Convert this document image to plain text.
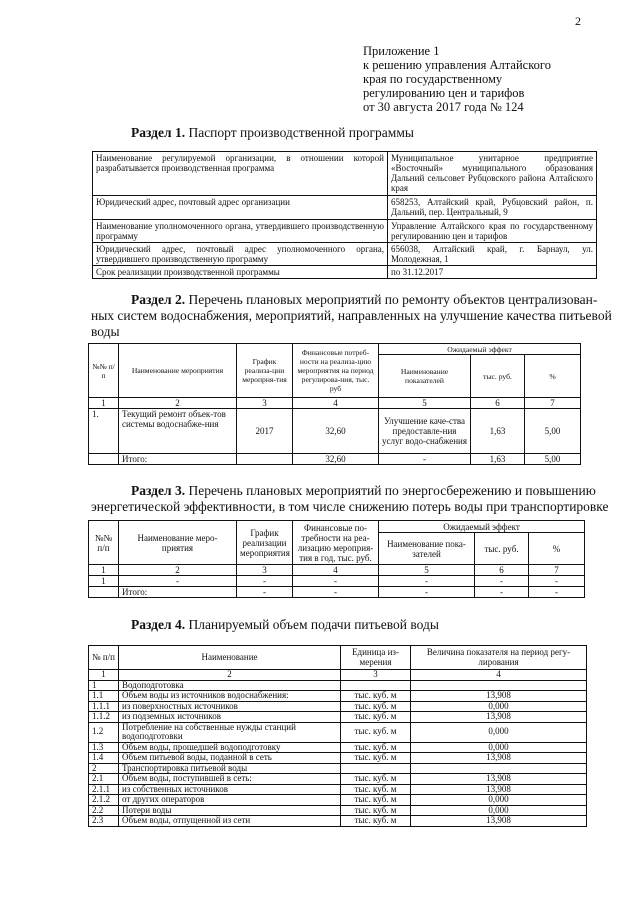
2
Приложение 1
к решению управления Алтайского
края по государственному
регулированию цен и тарифов
от 30 августа 2017 года № 124
Раздел 1. Паспорт производственной программы
Наименование регулируемой организации, в отношении которой разрабатывается производственная программа	Муниципальное унитарное предприятие «Восточный» муниципального образования Дальний сельсовет Рубцовского района Алтайского края
Юридический адрес, почтовый адрес организации	658253, Алтайский край, Рубцовский район, п. Дальний, пер. Центральный, 9
Наименование уполномоченного органа, утвердившего производственную программу	Управление Алтайского края по государственному регулированию цен и тарифов
Юридический адрес, почтовый адрес уполномоченного органа, утвердившего производственную программу	656038, Алтайский край, г. Барнаул, ул. Молодежная, 1
Срок реализации производственной программы	по 31.12.2017
Раздел 2. Перечень плановых мероприятий по ремонту объектов централизован-
ных систем водоснабжения, мероприятий, направленных на улучшение качества питьевой
воды
№№ п/п	Наименование мероприятия	График реализа-ции меропрня-тия	Финансовые потреб-ности на реализа-цию мероприятия на период регулирова-ния, тыс. руб	Ожидаемый эффект		
				Наименование показателей	тыс. руб.	%
1	2	3	4	5	6	7
1.	Текущий ремонт объек-тов системы водоснабже-ния	2017	32,60	Улучшение каче-ства предоставле-ния услуг водо-снабжения	1,63	5,00
	Итого:		32,60	-	1,63	5,00
Раздел 3. Перечень плановых мероприятий по энергосбережению и повышению
энергетической эффективности, в том числе снижению потерь воды при транспортировке
№№ п/п	Наименование меро-приятия	График реализации мероприятия	Финансовые по-требности на реа-лизацию мероприя-тия в год, тыс. руб.	Ожидаемый эффект		
				Наименование пока-зателей	тыс. руб.	%
1	2	3	4	5	6	7
1	-	-	-	-	-	-
	Итого:	-	-	-	-	-
Раздел 4. Планируемый объем подачи питьевой воды
№ п/п	Наименование	Единица из-мерения	Величина показателя на период регу-лирования
1	2	3	4
1	Водоподготовка		
1.1	Объем воды из источников водоснабжения:	тыс. куб. м	13,908
1.1.1	из поверхностных источников	тыс. куб. м	0,000
1.1.2	из подземных источников	тыс. куб. м	13,908
1.2	Потребление на собственные нужды станций водоподготовки	тыс. куб. м	0,000
1.3	Объем воды, прошедшей водоподготовку	тыс. куб. м	0,000
1.4	Объем питьевой воды, поданной в сеть	тыс. куб. м	13,908
2	Транспортировка питьевой воды		
2.1	Объем воды, поступившей в сеть:	тыс. куб. м	13,908
2.1.1	из собственных источников	тыс. куб. м	13,908
2.1.2	от других операторов	тыс. куб. м	0,000
2.2	Потери воды	тыс. куб. м	0,000
2.3	Объем воды, отпущенной из сети	тыс. куб. м	13,908
